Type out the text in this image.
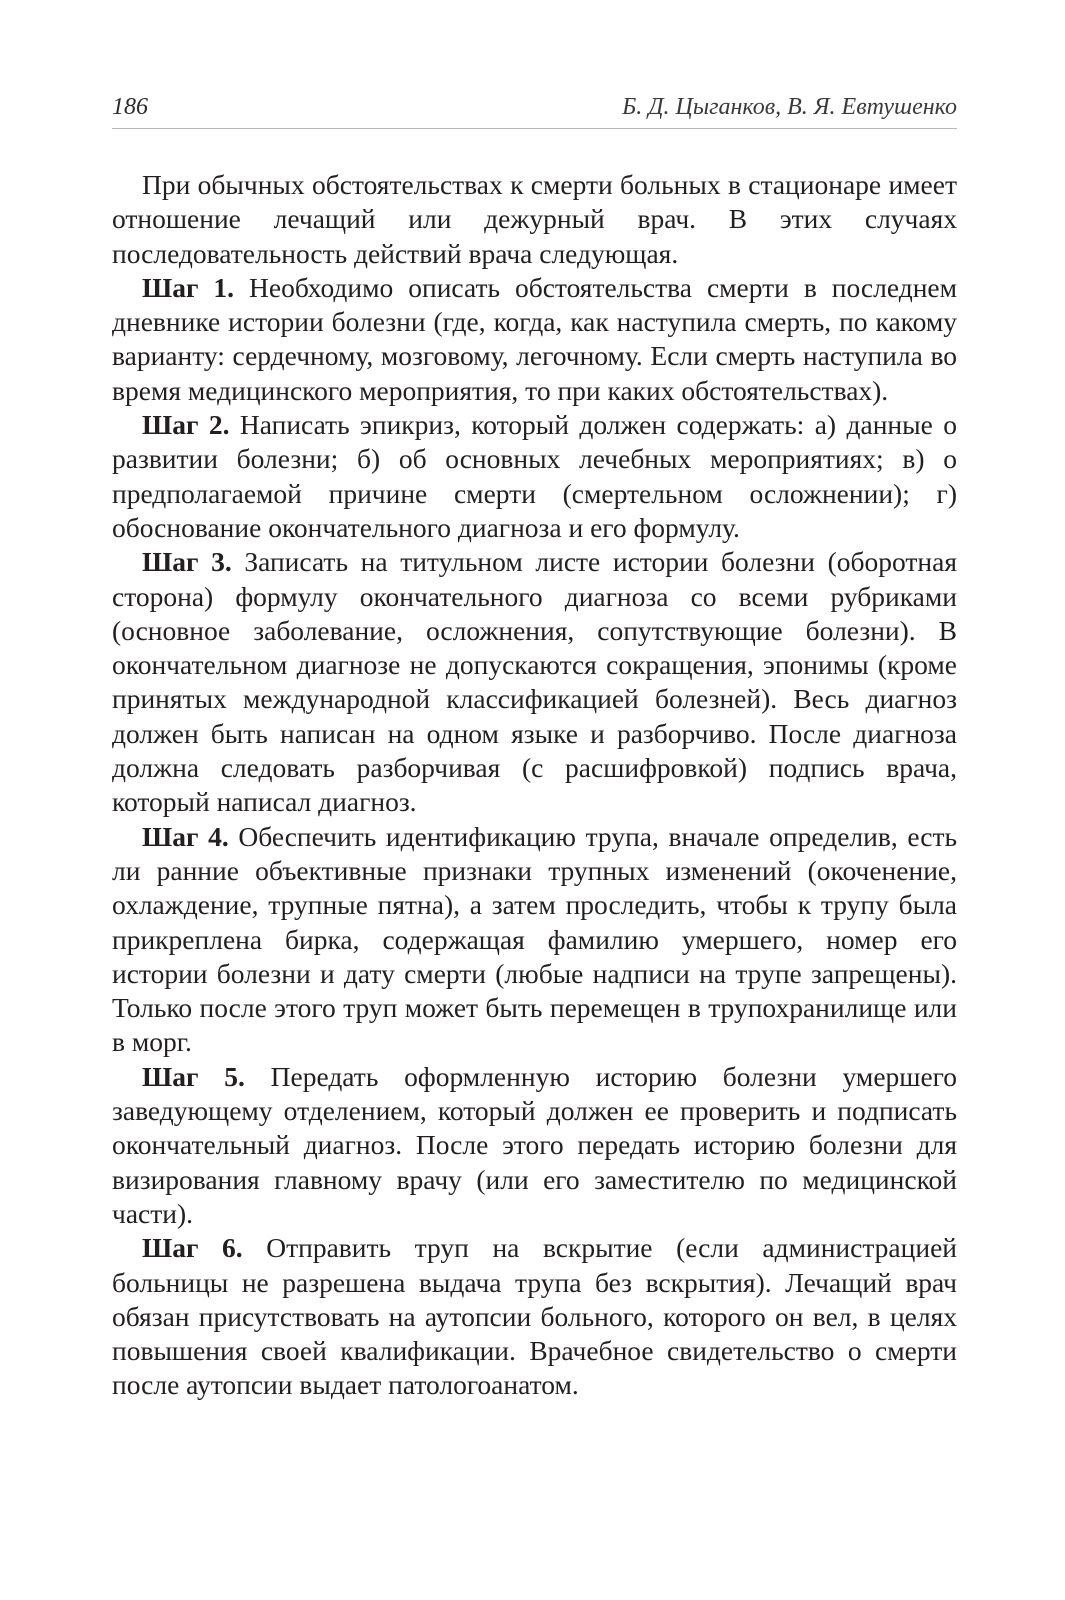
186	Б. Д. Цыганков, В. Я. Евтушенко

При обычных обстоятельствах к смерти больных в стационаре имеет отношение лечащий или дежурный врач. В этих случаях последовательность действий врача следующая.

Шаг 1. Необходимо описать обстоятельства смерти в последнем дневнике истории болезни (где, когда, как наступила смерть, по какому варианту: сердечному, мозговому, легочному. Если смерть наступила во время медицинского мероприятия, то при каких обстоятельствах).

Шаг 2. Написать эпикриз, который должен содержать: а) данные о развитии болезни; б) об основных лечебных мероприятиях; в) о предполагаемой причине смерти (смертельном осложнении); г) обоснование окончательного диагноза и его формулу.

Шаг 3. Записать на титульном листе истории болезни (оборотная сторона) формулу окончательного диагноза со всеми рубриками (основное заболевание, осложнения, сопутствующие болезни). В окончательном диагнозе не допускаются сокращения, эпонимы (кроме принятых международной классификацией болезней). Весь диагноз должен быть написан на одном языке и разборчиво. После диагноза должна следовать разборчивая (с расшифровкой) подпись врача, который написал диагноз.

Шаг 4. Обеспечить идентификацию трупа, вначале определив, есть ли ранние объективные признаки трупных изменений (окоченение, охлаждение, трупные пятна), а затем проследить, чтобы к трупу была прикреплена бирка, содержащая фамилию умершего, номер его истории болезни и дату смерти (любые надписи на трупе запрещены). Только после этого труп может быть перемещен в трупохранилище или в морг.

Шаг 5. Передать оформленную историю болезни умершего заведующему отделением, который должен ее проверить и подписать окончательный диагноз. После этого передать историю болезни для визирования главному врачу (или его заместителю по медицинской части).

Шаг 6. Отправить труп на вскрытие (если администрацией больницы не разрешена выдача трупа без вскрытия). Лечащий врач обязан присутствовать на аутопсии больного, которого он вел, в целях повышения своей квалификации. Врачебное свидетельство о смерти после аутопсии выдает патологоанатом.
